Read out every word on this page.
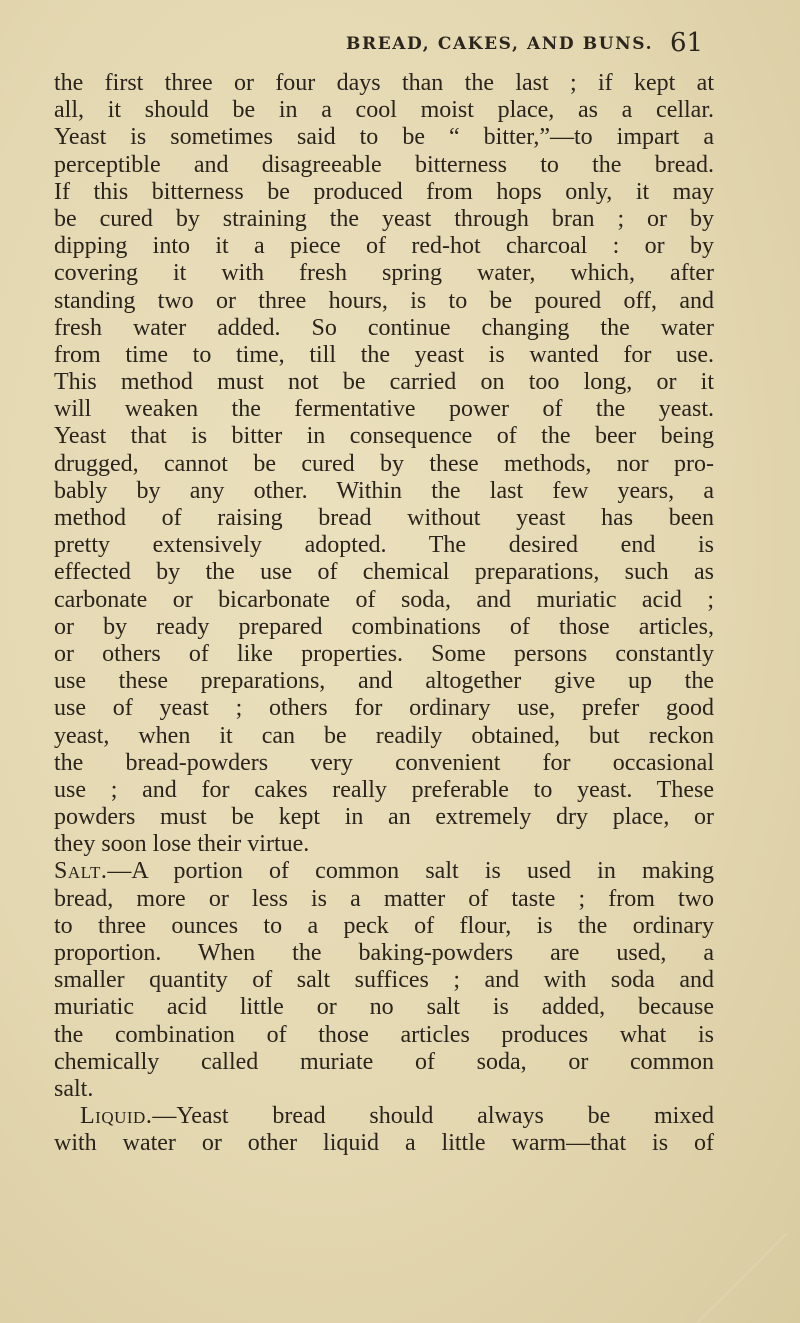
BREAD, CAKES, AND BUNS. 61
the first three or four days than the last ; if kept at
all, it should be in a cool moist place, as a cellar.
Yeast is sometimes said to be “ bitter,”—to impart a
perceptible and disagreeable bitterness to the bread.
If this bitterness be produced from hops only, it may
be cured by straining the yeast through bran ; or by
dipping into it a piece of red-hot charcoal : or by
covering it with fresh spring water, which, after
standing two or three hours, is to be poured off, and
fresh water added. So continue changing the water
from time to time, till the yeast is wanted for use.
This method must not be carried on too long, or it
will weaken the fermentative power of the yeast.
Yeast that is bitter in consequence of the beer being
drugged, cannot be cured by these methods, nor pro-
bably by any other. Within the last few years, a
method of raising bread without yeast has been
pretty extensively adopted. The desired end is
effected by the use of chemical preparations, such as
carbonate or bicarbonate of soda, and muriatic acid ;
or by ready prepared combinations of those articles,
or others of like properties. Some persons constantly
use these preparations, and altogether give up the
use of yeast ; others for ordinary use, prefer good
yeast, when it can be readily obtained, but reckon
the bread-powders very convenient for occasional
use ; and for cakes really preferable to yeast. These
powders must be kept in an extremely dry place, or
they soon lose their virtue.
Salt.—A portion of common salt is used in making
bread, more or less is a matter of taste ; from two
to three ounces to a peck of flour, is the ordinary
proportion. When the baking-powders are used, a
smaller quantity of salt suffices ; and with soda and
muriatic acid little or no salt is added, because
the combination of those articles produces what is
chemically called muriate of soda, or common
salt.
Liquid.—Yeast bread should always be mixed
with water or other liquid a little warm—that is of
